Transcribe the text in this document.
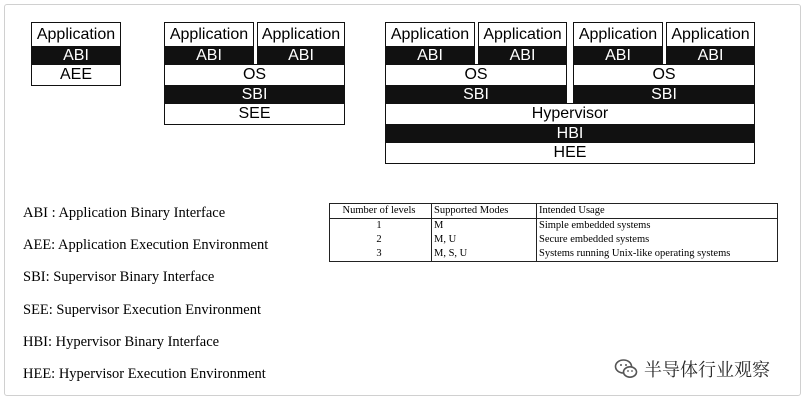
Application
ABI
AEE
Application Application
ABI	ABI
OS
SBI
SEE
Application Application	Application Application
ABI	ABI	ABI	ABI
OS	OS
SBI	SBI
Hypervisor
HBI
HEE
ABI : Application Binary Interface
AEE: Application Execution Environment
SBI: Supervisor Binary Interface
SEE: Supervisor Execution Environment
HBI: Hypervisor Binary Interface
HEE: Hypervisor Execution Environment
Number of levels	Supported Modes	Intended Usage
1	M	Simple embedded systems
2	M, U	Secure embedded systems
3	M, S, U	Systems running Unix-like operating systems
半导体行业观察
